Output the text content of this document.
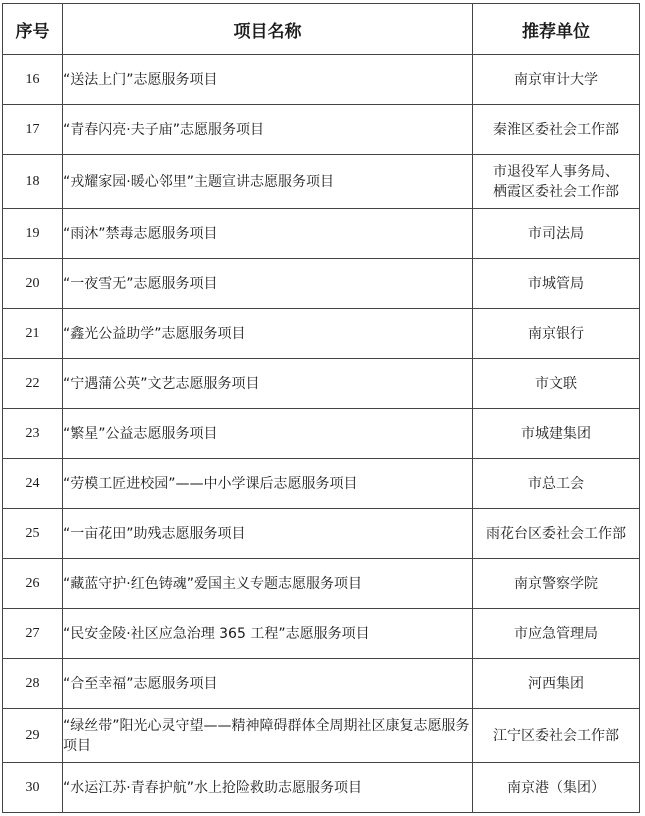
序号	项目名称	推荐单位
16	“送法上门”志愿服务项目	南京审计大学

17	“青春闪亮·夫子庙”志愿服务项目	秦淮区委社会工作部

18	“戎耀家园·暖心邻里”主题宣讲志愿服务项目	市退役军人事务局、
栖霞区委社会工作部

19	“雨沐”禁毒志愿服务项目	市司法局

20	“一夜雪无”志愿服务项目	市城管局

21	“鑫光公益助学”志愿服务项目	南京银行

22	“宁遇蒲公英”文艺志愿服务项目	市文联

23	“繁星”公益志愿服务项目	市城建集团

24	“劳模工匠进校园”——中小学课后志愿服务项目	市总工会

25	“一亩花田”助残志愿服务项目	雨花台区委社会工作部

26	“藏蓝守护·红色铸魂”爱国主义专题志愿服务项目	南京警察学院

27	“民安金陵·社区应急治理 365 工程”志愿服务项目	市应急管理局

28	“合至幸福”志愿服务项目	河西集团

29	“绿丝带”阳光心灵守望——精神障碍群体全周期社区康复志愿服务项目	江宁区委社会工作部

30	“水运江苏·青春护航”水上抢险救助志愿服务项目	南京港（集团）
